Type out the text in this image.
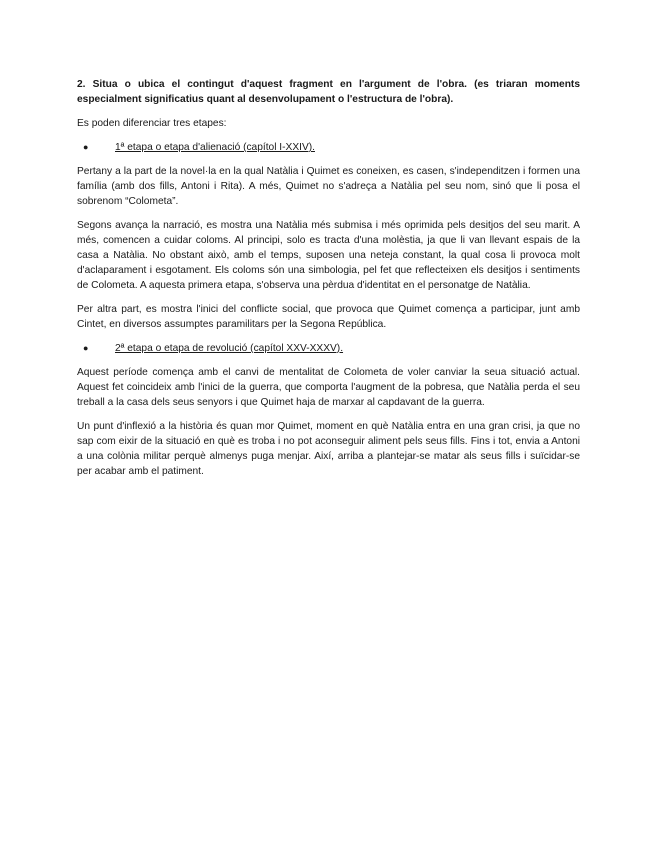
2. Situa o ubica el contingut d'aquest fragment en l'argument de l'obra. (es triaran moments especialment significatius quant al desenvolupament o l'estructura de l'obra).

Es poden diferenciar tres etapes:

●	1ª etapa o etapa d'alienació (capítol I-XXIV).

Pertany a la part de la novel·la en la qual Natàlia i Quimet es coneixen, es casen, s'independitzen i formen una família (amb dos fills, Antoni i Rita). A més, Quimet no s'adreça a Natàlia pel seu nom, sinó que li posa el sobrenom “Colometa”.

Segons avança la narració, es mostra una Natàlia més submisa i més oprimida pels desitjos del seu marit. A més, comencen a cuidar coloms. Al principi, solo es tracta d'una molèstia, ja que li van llevant espais de la casa a Natàlia. No obstant això, amb el temps, suposen una neteja constant, la qual cosa li provoca molt d'aclaparament i esgotament. Els coloms són una simbologia, pel fet que reflecteixen els desitjos i sentiments de Colometa. A aquesta primera etapa, s'observa una pèrdua d'identitat en el personatge de Natàlia.

Per altra part, es mostra l'inici del conflicte social, que provoca que Quimet comença a participar, junt amb Cintet, en diversos assumptes paramilitars per la Segona República.

●	2ª etapa o etapa de revolució (capítol XXV-XXXV).

Aquest període comença amb el canvi de mentalitat de Colometa de voler canviar la seua situació actual. Aquest fet coincideix amb l'inici de la guerra, que comporta l'augment de la pobresa, que Natàlia perda el seu treball a la casa dels seus senyors i que Quimet haja de marxar al capdavant de la guerra.

Un punt d'inflexió a la història és quan mor Quimet, moment en què Natàlia entra en una gran crisi, ja que no sap com eixir de la situació en què es troba i no pot aconseguir aliment pels seus fills. Fins i tot, envia a Antoni a una colònia militar perquè almenys puga menjar. Així, arriba a plantejar-se matar als seus fills i suïcidar-se per acabar amb el patiment.
